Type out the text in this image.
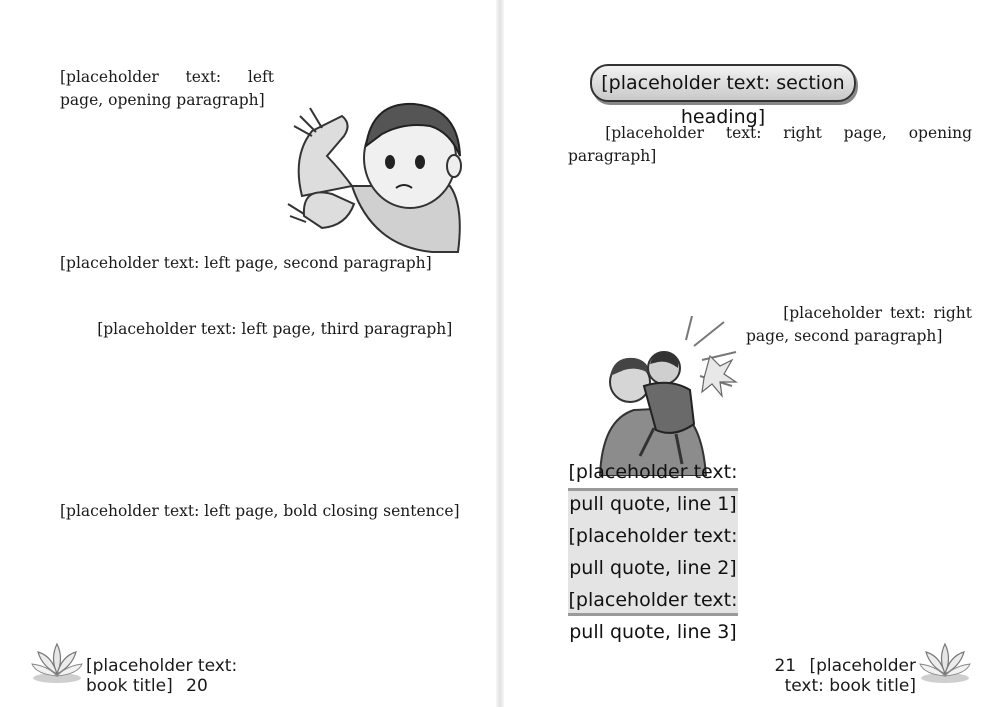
[placeholder text: left page, opening paragraph]

[placeholder text: left page, second paragraph]

[placeholder text: left page, third paragraph]

[placeholder text: left page, bold closing sentence]

[placeholder text: book title] 20
[placeholder text: section heading]

[placeholder text: right page, opening paragraph]

[placeholder text: right page, second paragraph]

[placeholder text: pull quote, line 1]
[placeholder text: pull quote, line 2]
[placeholder text: pull quote, line 3]
21 [placeholder text: book title]
